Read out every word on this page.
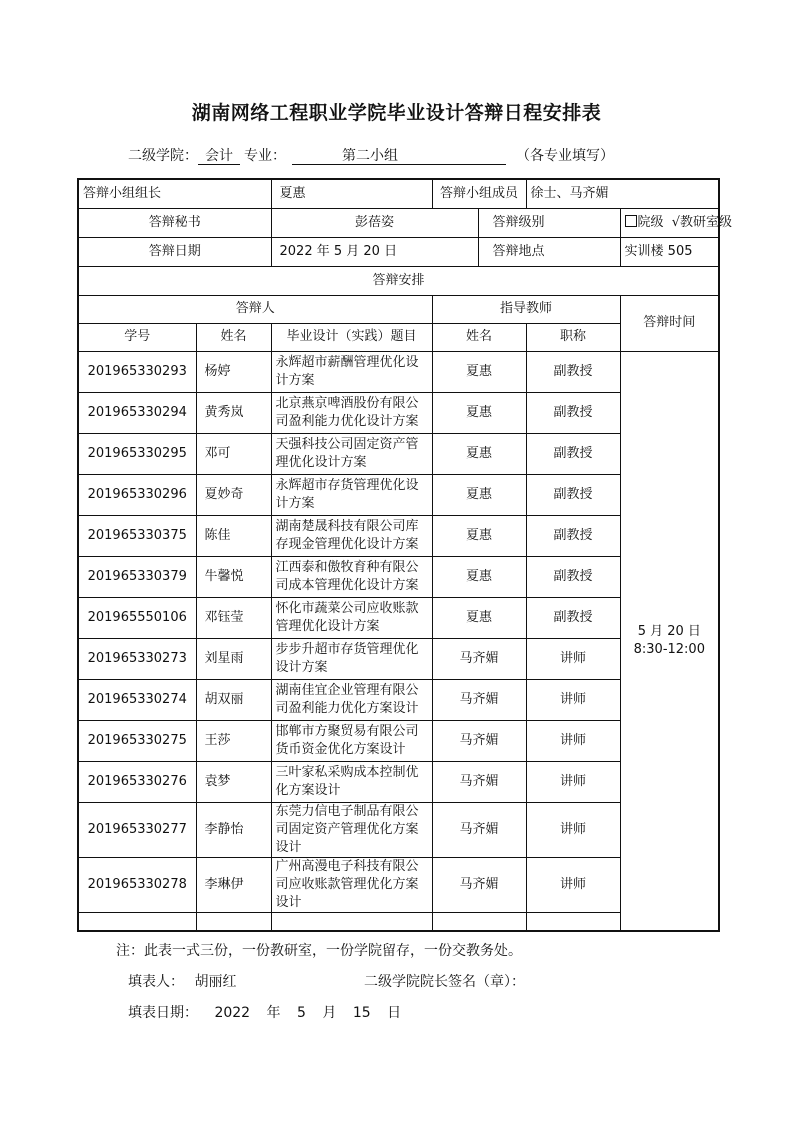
湖南网络工程职业学院毕业设计答辩日程安排表
二级学院： 会计 专业：	第二小组	（各专业填写）
答辩小组组长		夏惠	答辩小组成员		徐士、马齐媚	
答辩秘书		彭蓓姿		答辩级别		院级 √教研室级
答辩日期		2022 年 5 月 20 日		答辩地点		实训楼 505
答辩安排						
答辩人			指导教师			答辩时间
学号	姓名	毕业设计（实践）题目	姓名		职称	
201965330293	杨婷	永辉超市薪酬管理优化设计方案	夏惠		副教授	5 月 20 日
8:30-12:00

201965330294	黄秀岚	北京燕京啤酒股份有限公司盈利能力优化设计方案	夏惠		副教授	
201965330295	邓可	天强科技公司固定资产管理优化设计方案	夏惠		副教授	
201965330296	夏妙奇	永辉超市存货管理优化设计方案	夏惠		副教授	
201965330375	陈佳	湖南楚晟科技有限公司库存现金管理优化设计方案	夏惠		副教授	
201965330379	牛馨悦	江西泰和傲牧育种有限公司成本管理优化设计方案	夏惠		副教授	
201965550106	邓钰莹	怀化市蔬菜公司应收账款管理优化设计方案	夏惠		副教授	
201965330273	刘星雨	步步升超市存货管理优化设计方案	马齐媚		讲师	
201965330274	胡双丽	湖南佳宜企业管理有限公司盈利能力优化方案设计	马齐媚		讲师	
201965330275	王莎	邯郸市方聚贸易有限公司货币资金优化方案设计	马齐媚		讲师	
201965330276	袁梦	三叶家私采购成本控制优化方案设计	马齐媚		讲师	
201965330277	李静怡	东莞力信电子制品有限公司固定资产管理优化方案设计	马齐媚		讲师	
201965330278	李琳伊	广州高漫电子科技有限公司应收账款管理优化方案设计	马齐媚		讲师	

注：此表一式三份，一份教研室，一份学院留存，一份交教务处。
填表人： 胡丽红	二级学院院长签名（章）：
填表日期： 2022 年 5 月 15 日
